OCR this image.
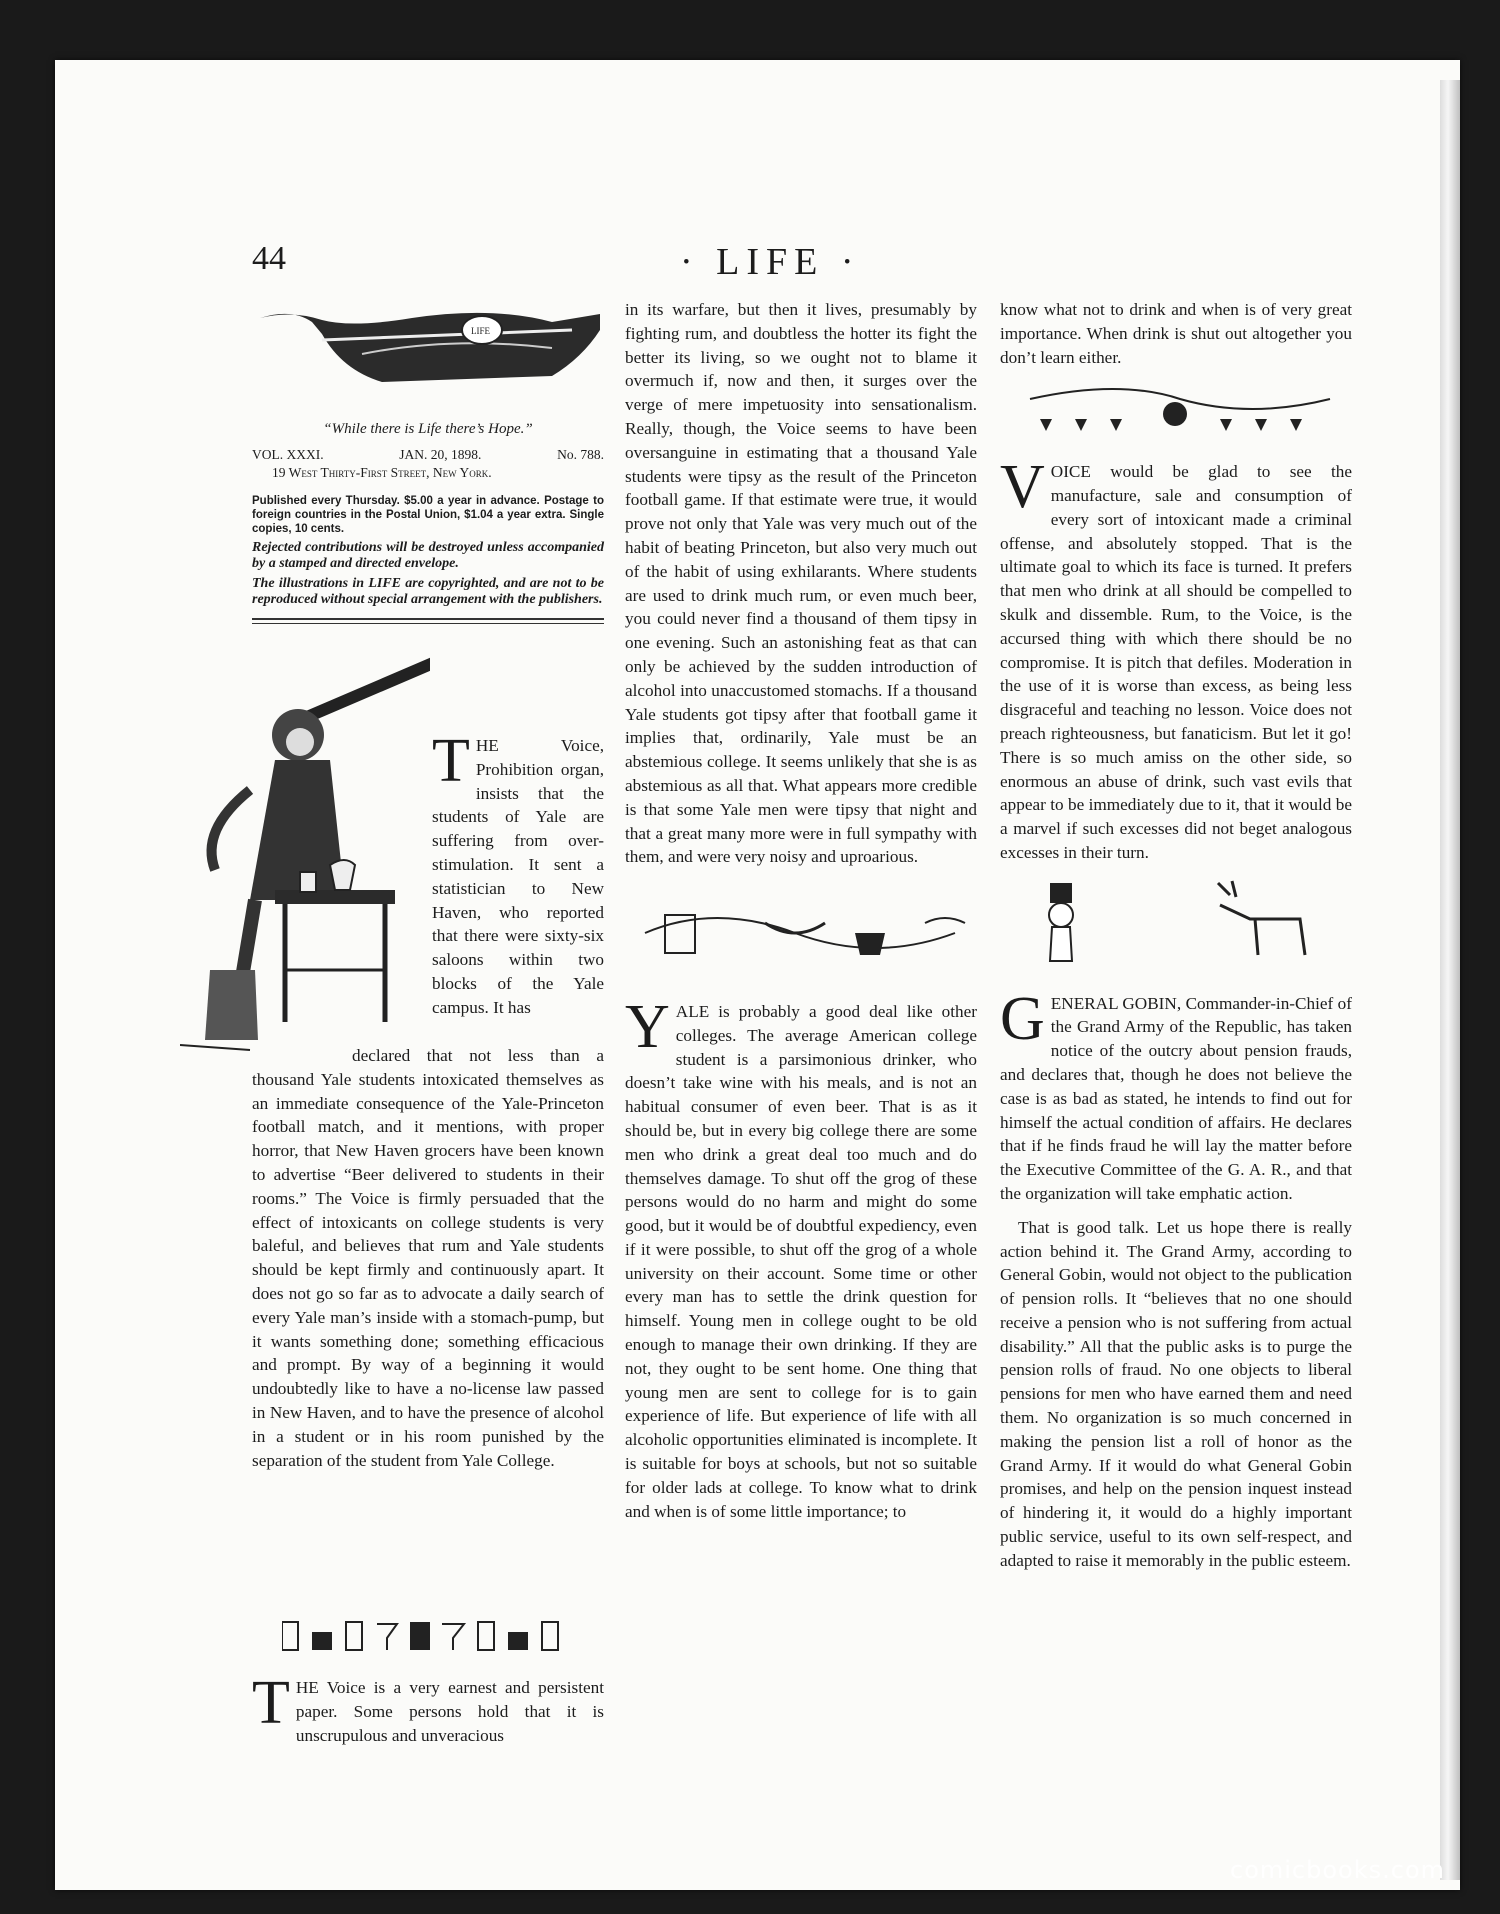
44	· LIFE ·
LIFE
“While there is Life there’s Hope.”
VOL. XXXI.	JAN. 20, 1898.	No. 788.
19 West Thirty-First Street, New York.
Published every Thursday. $5.00 a year in advance. Postage to foreign countries in the Postal Union, $1.04 a year extra. Single copies, 10 cents.
Rejected contributions will be destroyed unless accompanied by a stamped and directed envelope.
The illustrations in LIFE are copyrighted, and are not to be reproduced without special arrangement with the publishers.
THE Voice, Prohibition organ, insists that the students of Yale are suffering from over-stimulation. It sent a statistician to New Haven, who reported that there were sixty-six saloons within two blocks of the Yale campus. It has

declared that not less than a thousand Yale students intoxicated themselves as an immediate consequence of the Yale-Princeton football match, and it mentions, with proper horror, that New Haven grocers have been known to advertise “Beer delivered to students in their rooms.” The Voice is firmly persuaded that the effect of intoxicants on college students is very baleful, and believes that rum and Yale students should be kept firmly and continuously apart. It does not go so far as to advocate a daily search of every Yale man’s inside with a stomach-pump, but it wants something done; something efficacious and prompt. By way of a beginning it would undoubtedly like to have a no-license law passed in New Haven, and to have the presence of alcohol in a student or in his room punished by the separation of the student from Yale College.

THE Voice is a very earnest and persistent paper. Some persons hold that it is unscrupulous and unveracious

in its warfare, but then it lives, presumably by fighting rum, and doubtless the hotter its fight the better its living, so we ought not to blame it overmuch if, now and then, it surges over the verge of mere impetuosity into sensationalism. Really, though, the Voice seems to have been oversanguine in estimating that a thousand Yale students were tipsy as the result of the Princeton football game. If that estimate were true, it would prove not only that Yale was very much out of the habit of beating Princeton, but also very much out of the habit of using exhilarants. Where students are used to drink much rum, or even much beer, you could never find a thousand of them tipsy in one evening. Such an astonishing feat as that can only be achieved by the sudden introduction of alcohol into unaccustomed stomachs. If a thousand Yale students got tipsy after that football game it implies that, ordinarily, Yale must be an abstemious college. It seems unlikely that she is as abstemious as all that. What appears more credible is that some Yale men were tipsy that night and that a great many more were in full sympathy with them, and were very noisy and uproarious.

YALE is probably a good deal like other colleges. The average American college student is a parsimonious drinker, who doesn’t take wine with his meals, and is not an habitual consumer of even beer. That is as it should be, but in every big college there are some men who drink a great deal too much and do themselves damage. To shut off the grog of these persons would do no harm and might do some good, but it would be of doubtful expediency, even if it were possible, to shut off the grog of a whole university on their account. Some time or other every man has to settle the drink question for himself. Young men in college ought to be old enough to manage their own drinking. If they are not, they ought to be sent home. One thing that young men are sent to college for is to gain experience of life. But experience of life with all alcoholic opportunities eliminated is incomplete. It is suitable for boys at schools, but not so suitable for older lads at college. To know what to drink and when is of some little importance; to

know what not to drink and when is of very great importance. When drink is shut out altogether you don’t learn either.

VOICE would be glad to see the manufacture, sale and consumption of every sort of intoxicant made a criminal offense, and absolutely stopped. That is the ultimate goal to which its face is turned. It prefers that men who drink at all should be compelled to skulk and dissemble. Rum, to the Voice, is the accursed thing with which there should be no compromise. It is pitch that defiles. Moderation in the use of it is worse than excess, as being less disgraceful and teaching no lesson. Voice does not preach righteousness, but fanaticism. But let it go! There is so much amiss on the other side, so enormous an abuse of drink, such vast evils that appear to be immediately due to it, that it would be a marvel if such excesses did not beget analogous excesses in their turn.

GENERAL GOBIN, Commander-in-Chief of the Grand Army of the Republic, has taken notice of the outcry about pension frauds, and declares that, though he does not believe the case is as bad as stated, he intends to find out for himself the actual condition of affairs. He declares that if he finds fraud he will lay the matter before the Executive Committee of the G. A. R., and that the organization will take emphatic action.

That is good talk. Let us hope there is really action behind it. The Grand Army, according to General Gobin, would not object to the publication of pension rolls. It “believes that no one should receive a pension who is not suffering from actual disability.” All that the public asks is to purge the pension rolls of fraud. No one objects to liberal pensions for men who have earned them and need them. No organization is so much concerned in making the pension list a roll of honor as the Grand Army. If it would do what General Gobin promises, and help on the pension inquest instead of hindering it, it would do a highly important public service, useful to its own self-respect, and adapted to raise it memorably in the public esteem.

comicbooks.com
